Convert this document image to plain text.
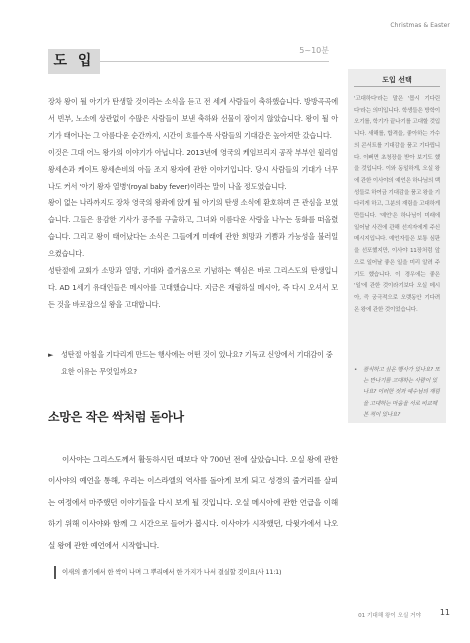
Christmas & Easter
도 입
5~10분

장차 왕이 될 아기가 탄생할 것이라는 소식을 듣고 전 세계 사람들이 축하했습니다. 방방곡곡에서 빈부, 노소에 상관없이 수많은 사람들이 보낸 축하와 선물이 잠이지 않았습니다. 왕이 될 아기가 태어나는 그 아름다운 순간까지, 시간이 흐를수록 사람들의 기대감은 높아져만 갔습니다.

이것은 그대 어느 왕가의 이야기가 아닙니다. 2013년에 영국의 케임브리지 공작 부부인 윌리엄 왕세손과 케이트 왕세손비의 아들 조지 왕자에 관한 이야기입니다. 당시 사람들의 기대가 너무나도 커서 '아기 왕자 열병'(royal baby fever)이라는 말이 나올 정도였습니다.

왕이 없는 나라까지도 장차 영국의 왕좌에 앉게 될 아기의 탄생 소식에 환호하며 큰 관심을 보였습니다. 그들은 용감한 기사가 공주를 구출하고, 그녀와 이름다운 사랑을 나누는 동화를 떠올렸습니다. 그리고 왕이 태어났다는 소식은 그들에게 미래에 관한 희망과 기쁨과 가능성을 불러일으켰습니다.

성탄절에 교회가 소망과 열망, 기대와 즐거움으로 기념하는 핵심은 바로 그리스도의 탄생입니다. AD 1세기 유대인들은 메시아를 고대했습니다. 지금은 재림하실 메시아, 즉 다시 오셔서 모든 것을 바로잡으실 왕을 고대합니다.

► 성탄절 아침을 기다리게 만드는 행사에는 어떤 것이 있나요? 기독교 신앙에서 기대감이 중요한 이유는 무엇일까요?
소망은 작은 싹처럼 돋아나
이사야는 그리스도께서 활동하시던 때보다 약 700년 전에 살았습니다. 오실 왕에 관한 이사야의 예언을 통해, 우리는 이스라엘의 역사를 돌아게 보게 되고 성경의 줄거리를 살피는 여정에서 마주했던 이야기들을 다시 보게 될 것입니다. 오실 메시아에 관한 언급을 이해하기 위해 이사야와 함께 그 시간으로 들어가 봅시다. 이사야가 시작했던, 다윗가에서 나오실 왕에 관한 예언에서 시작합니다.
이새의 줄기에서 한 싹이 나며 그 뿌리에서 한 가지가 나서 결실할 것이요(사 11:1)
도입 선택
'고대하다'라는 말은 '몹시 기다린다'라는 의미입니다. 학생들은 방학이 오기를, 학기가 끝나기를 고대할 것입니다. 새해를, 합격을, 좋아하는 가수의 콘서트를 기대감을 품고 기다립니다. 이뻐면 초청장을 받아 보기도 했을 것입니다. 이와 동일하게, 오실 왕에 관한 이사야의 예언은 하나님의 백성들로 하여금 기대감을 품고 왕을 기다리게 하고, 그분의 재림을 고대하게 만듭니다. '예언'은 하나님이 미래에 일어날 사건에 관해 선지자에게 주신 메시지입니다. 예언자들은 보통 심판을 선포했지만, 이사야 11장처럼 앞으로 일어날 좋은 일을 미리 알려 주기도 했습니다. 이 경우에는 좋은 '일'에 관한 것이라기보다 오실 메시아, 즉 궁극적으로 오랫동안 기다려 온 왕에 관한 것이었습니다.
• 잠식하고 싶은 행사가 있나요? 또는 만나기를 고대하는 사람이 있나요? 이러한 것과 예수님의 재림을 고대하는 마음을 서로 비교해 본 적이 있나요?
01 기대해 왕이 오실 거야 11
